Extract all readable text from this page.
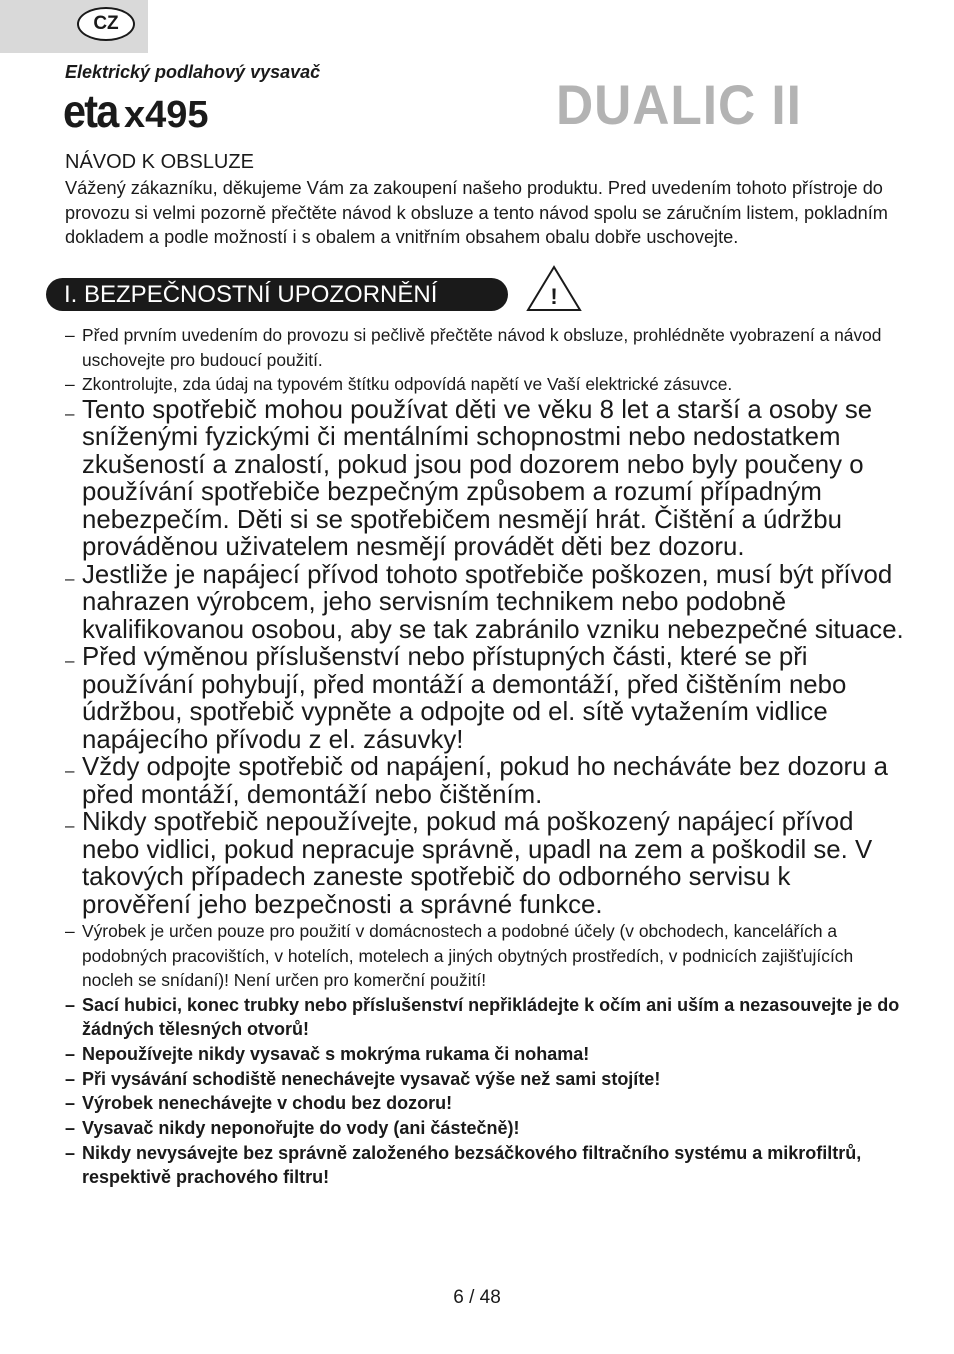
CZ
Elektrický podlahový vysavač
eta x495	DUALIC II
NÁVOD K OBSLUZE
Vážený zákazníku, děkujeme Vám za zakoupení našeho produktu. Pred uvedením tohoto přístroje do provozu si velmi pozorně přečtěte návod k obsluze a tento návod spolu se záručním listem, pokladním dokladem a podle možností i s obalem a vnitřním obsahem obalu dobře uschovejte.
I. BEZPEČNOSTNÍ UPOZORNĚNÍ	!
– Před prvním uvedením do provozu si pečlivě přečtěte návod k obsluze, prohlédněte vyobrazení a návod uschovejte pro budoucí použití.
– Zkontrolujte, zda údaj na typovém štítku odpovídá napětí ve Vaší elektrické zásuvce.
– Tento spotřebič mohou používat děti ve věku 8 let a starší a osoby se sníženými fyzickými či mentálními schopnostmi nebo nedostatkem zkušeností a znalostí, pokud jsou pod dozorem nebo byly poučeny o používání spotřebiče bezpečným způsobem a rozumí případným nebezpečím. Děti si se spotřebičem nesmějí hrát. Čištění a údržbu prováděnou uživatelem nesmějí provádět děti bez dozoru.
– Jestliže je napájecí přívod tohoto spotřebiče poškozen, musí být přívod nahrazen výrobcem, jeho servisním technikem nebo podobně kvalifikovanou osobou, aby se tak zabránilo vzniku nebezpečné situace.
– Před výměnou příslušenství nebo přístupných části, které se při používání pohybují, před montáží a demontáží, před čištěním nebo údržbou, spotřebič vypněte a odpojte od el. sítě vytažením vidlice napájecího přívodu z el. zásuvky!
– Vždy odpojte spotřebič od napájení, pokud ho necháváte bez dozoru a před montáží, demontáží nebo čištěním.
– Nikdy spotřebič nepoužívejte, pokud má poškozený napájecí přívod nebo vidlici, pokud nepracuje správně, upadl na zem a poškodil se. V takových případech zaneste spotřebič do odborného servisu k prověření jeho bezpečnosti a správné funkce.
– Výrobek je určen pouze pro použití v domácnostech a podobné účely (v obchodech, kancelářích a podobných pracovištích, v hotelích, motelech a jiných obytných prostředích, v podnicích zajišťujících nocleh se snídaní)! Není určen pro komerční použití!
– Sací hubici, konec trubky nebo příslušenství nepřikládejte k očím ani uším a nezasouvejte je do žádných tělesných otvorů!
– Nepoužívejte nikdy vysavač s mokrýma rukama či nohama!
– Při vysávání schodiště nenechávejte vysavač výše než sami stojíte!
– Výrobek nenechávejte v chodu bez dozoru!
– Vysavač nikdy neponořujte do vody (ani částečně)!
– Nikdy nevysávejte bez správně založeného bezsáčkového filtračního systému a mikrofiltrů, respektivě prachového filtru!
6 / 48
